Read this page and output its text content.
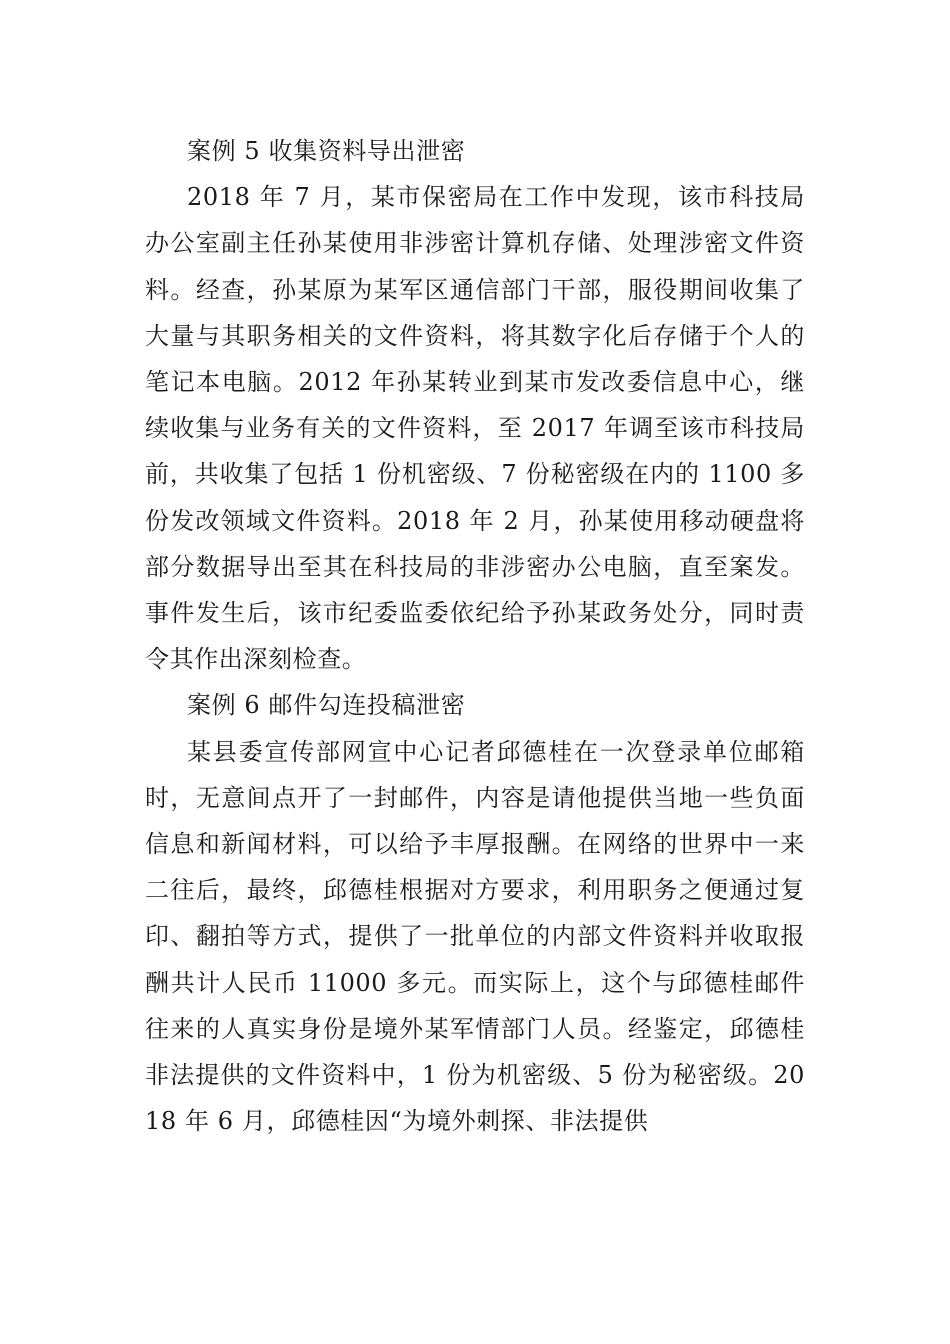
案例 5 收集资料导出泄密

2018 年 7 月，某市保密局在工作中发现，该市科技局办公室副主任孙某使用非涉密计算机存储、处理涉密文件资料。经查，孙某原为某军区通信部门干部，服役期间收集了大量与其职务相关的文件资料，将其数字化后存储于个人的笔记本电脑。2012 年孙某转业到某市发改委信息中心，继续收集与业务有关的文件资料，至 2017 年调至该市科技局前，共收集了包括 1 份机密级、7 份秘密级在内的 1100 多份发改领域文件资料。2018 年 2 月，孙某使用移动硬盘将部分数据导出至其在科技局的非涉密办公电脑，直至案发。事件发生后，该市纪委监委依纪给予孙某政务处分，同时责令其作出深刻检查。

案例 6 邮件勾连投稿泄密

某县委宣传部网宣中心记者邱德桂在一次登录单位邮箱时，无意间点开了一封邮件，内容是请他提供当地一些负面信息和新闻材料，可以给予丰厚报酬。在网络的世界中一来二往后，最终，邱德桂根据对方要求，利用职务之便通过复印、翻拍等方式，提供了一批单位的内部文件资料并收取报酬共计人民币 11000 多元。而实际上，这个与邱德桂邮件往来的人真实身份是境外某军情部门人员。经鉴定，邱德桂非法提供的文件资料中，1 份为机密级、5 份为秘密级。2018 年 6 月，邱德桂因“为境外刺探、非法提供
